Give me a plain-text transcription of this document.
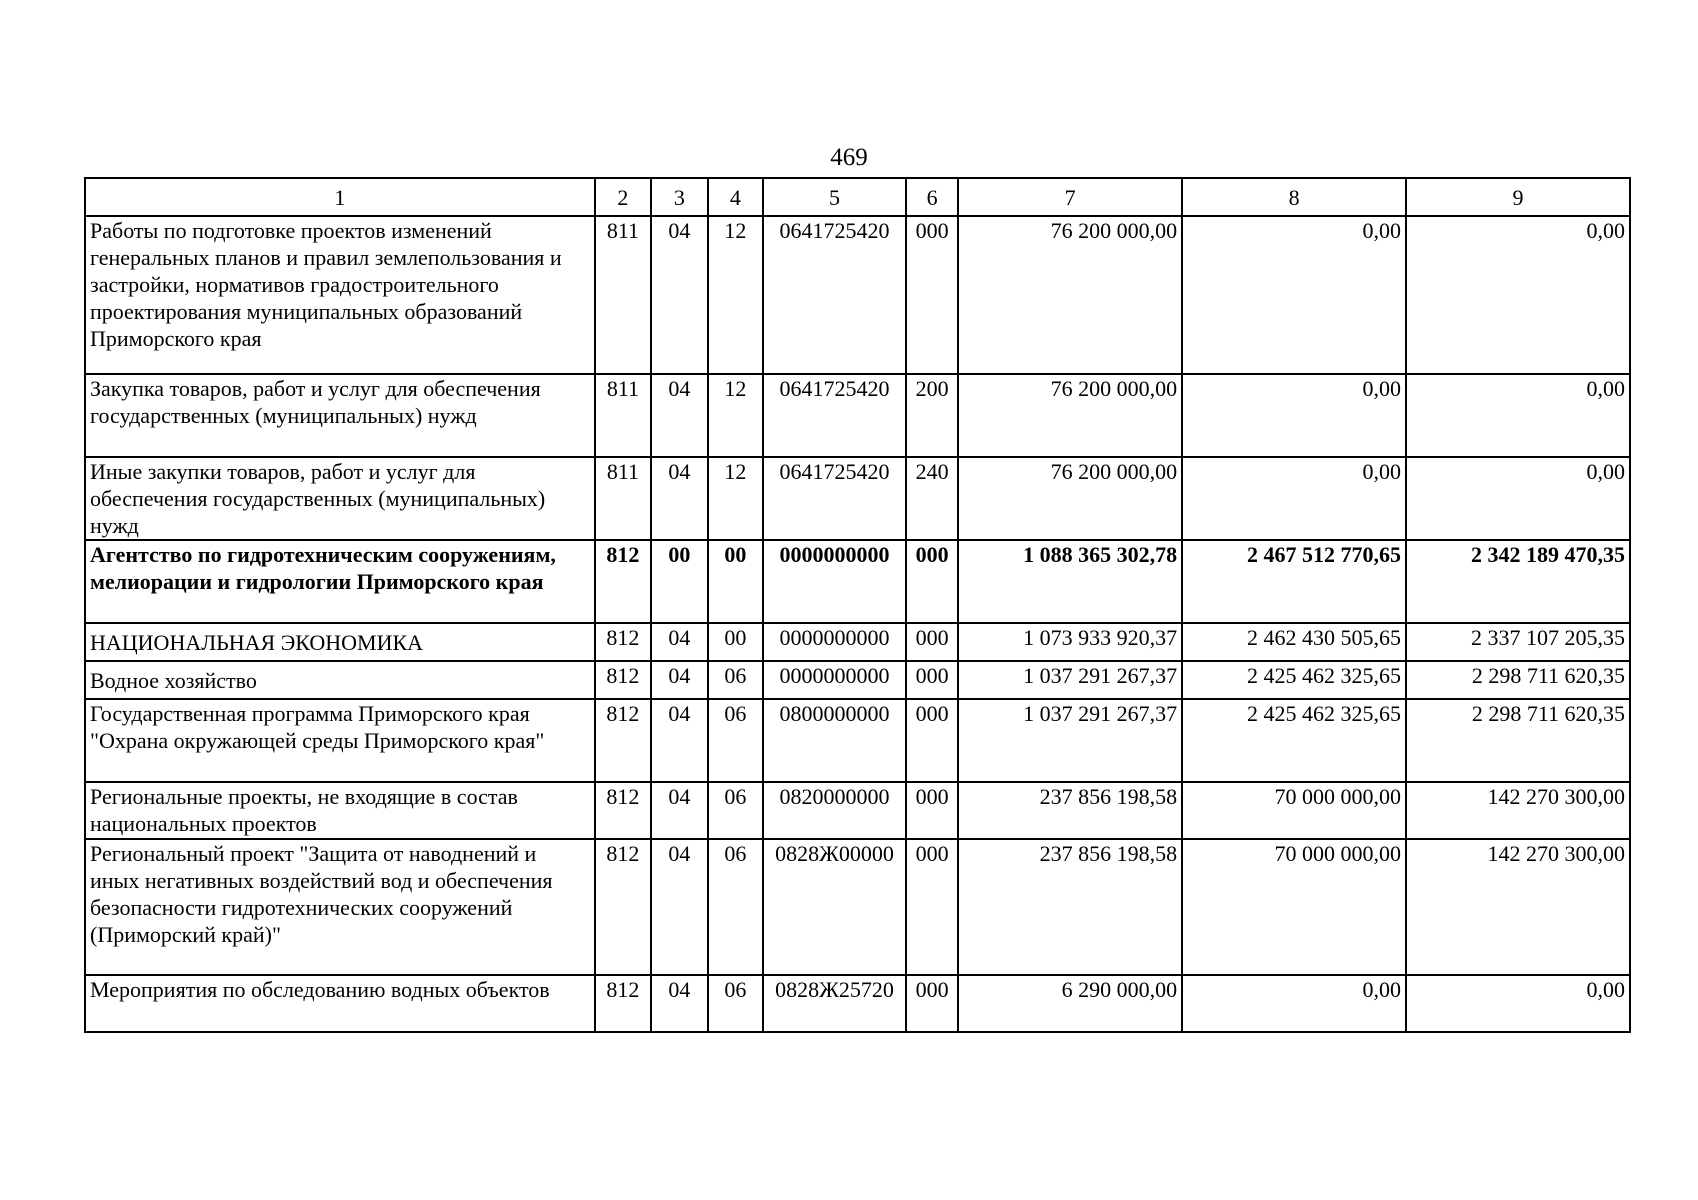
469
1	2	3	4	5	6	7	8	9
Работы по подготовке проектов изменений генеральных планов и правил землепользования и застройки, нормативов градостроительного проектирования муниципальных образований Приморского края	811	04	12	0641725420	000	76 200 000,00	0,00	0,00
Закупка товаров, работ и услуг для обеспечения государственных (муниципальных) нужд	811	04	12	0641725420	200	76 200 000,00	0,00	0,00
Иные закупки товаров, работ и услуг для обеспечения государственных (муниципальных) нужд	811	04	12	0641725420	240	76 200 000,00	0,00	0,00
Агентство по гидротехническим сооружениям, мелиорации и гидрологии Приморского края	812	00	00	0000000000	000	1 088 365 302,78	2 467 512 770,65	2 342 189 470,35
НАЦИОНАЛЬНАЯ ЭКОНОМИКА	812	04	00	0000000000	000	1 073 933 920,37	2 462 430 505,65	2 337 107 205,35
Водное хозяйство	812	04	06	0000000000	000	1 037 291 267,37	2 425 462 325,65	2 298 711 620,35
Государственная программа Приморского края "Охрана окружающей среды Приморского края"	812	04	06	0800000000	000	1 037 291 267,37	2 425 462 325,65	2 298 711 620,35
Региональные проекты, не входящие в состав национальных проектов	812	04	06	0820000000	000	237 856 198,58	70 000 000,00	142 270 300,00
Региональный проект "Защита от наводнений и иных негативных воздействий вод и обеспечения безопасности гидротехнических сооружений (Приморский край)"	812	04	06	0828Ж00000	000	237 856 198,58	70 000 000,00	142 270 300,00
Мероприятия по обследованию водных объектов	812	04	06	0828Ж25720	000	6 290 000,00	0,00	0,00
